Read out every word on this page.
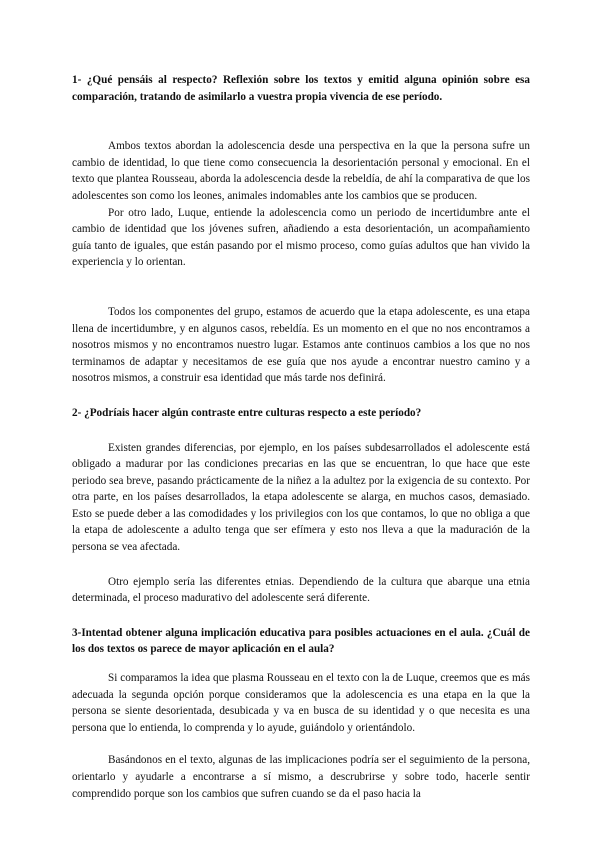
1- ¿Qué pensáis al respecto? Reflexión sobre los textos y emitid alguna opinión sobre esa comparación, tratando de asimilarlo a vuestra propia vivencia de ese período.

Ambos textos abordan la adolescencia desde una perspectiva en la que la persona sufre un cambio de identidad, lo que tiene como consecuencia la desorientación personal y emocional. En el texto que plantea Rousseau, aborda la adolescencia desde la rebeldía, de ahí la comparativa de que los adolescentes son como los leones, animales indomables ante los cambios que se producen.

Por otro lado, Luque, entiende la adolescencia como un periodo de incertidumbre ante el cambio de identidad que los jóvenes sufren, añadiendo a esta desorientación, un acompañamiento guía tanto de iguales, que están pasando por el mismo proceso, como guías adultos que han vivido la experiencia y lo orientan.

Todos los componentes del grupo, estamos de acuerdo que la etapa adolescente, es una etapa llena de incertidumbre, y en algunos casos, rebeldía. Es un momento en el que no nos encontramos a nosotros mismos y no encontramos nuestro lugar. Estamos ante continuos cambios a los que no nos terminamos de adaptar y necesitamos de ese guía que nos ayude a encontrar nuestro camino y a nosotros mismos, a construir esa identidad que más tarde nos definirá.

2- ¿Podríais hacer algún contraste entre culturas respecto a este período?

Existen grandes diferencias, por ejemplo, en los países subdesarrollados el adolescente está obligado a madurar por las condiciones precarias en las que se encuentran, lo que hace que este periodo sea breve, pasando prácticamente de la niñez a la adultez por la exigencia de su contexto. Por otra parte, en los países desarrollados, la etapa adolescente se alarga, en muchos casos, demasiado. Esto se puede deber a las comodidades y los privilegios con los que contamos, lo que no obliga a que la etapa de adolescente a adulto tenga que ser efímera y esto nos lleva a que la maduración de la persona se vea afectada.

Otro ejemplo sería las diferentes etnias. Dependiendo de la cultura que abarque una etnia determinada, el proceso madurativo del adolescente será diferente.

3-Intentad obtener alguna implicación educativa para posibles actuaciones en el aula. ¿Cuál de los dos textos os parece de mayor aplicación en el aula?

Si comparamos la idea que plasma Rousseau en el texto con la de Luque, creemos que es más adecuada la segunda opción porque consideramos que la adolescencia es una etapa en la que la persona se siente desorientada, desubicada y va en busca de su identidad y o que necesita es una persona que lo entienda, lo comprenda y lo ayude, guiándolo y orientándolo.

Basándonos en el texto, algunas de las implicaciones podría ser el seguimiento de la persona, orientarlo y ayudarle a encontrarse a sí mismo, a descrubrirse y sobre todo, hacerle sentir comprendido porque son los cambios que sufren cuando se da el paso hacia la
